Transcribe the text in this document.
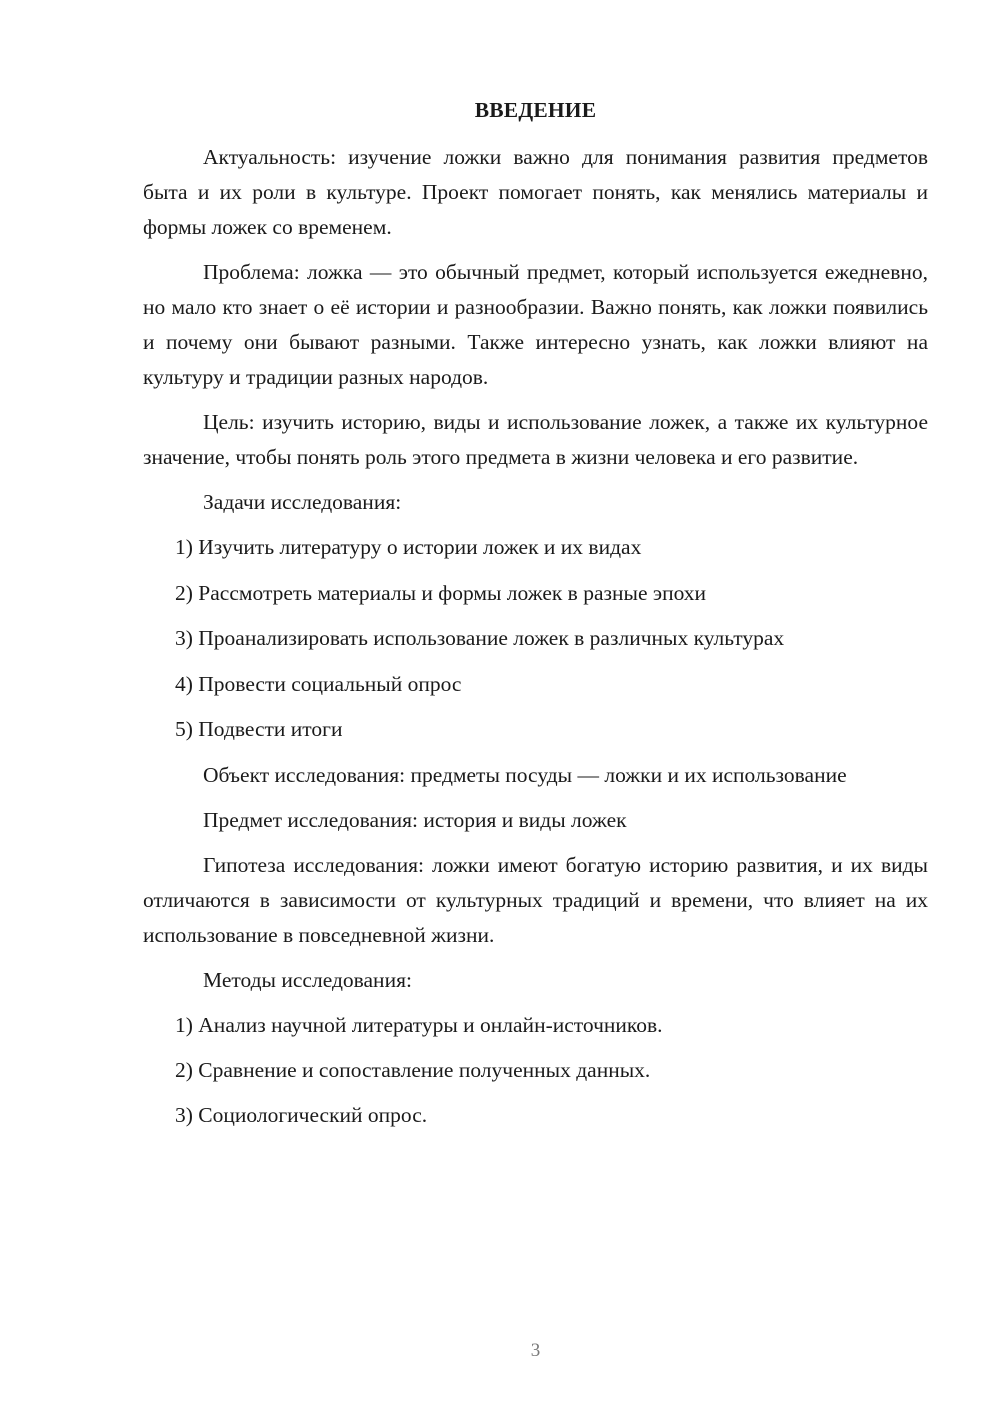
ВВЕДЕНИЕ

Актуальность: изучение ложки важно для понимания развития предметов быта и их роли в культуре. Проект помогает понять, как менялись материалы и формы ложек со временем.

Проблема: ложка — это обычный предмет, который используется ежедневно, но мало кто знает о её истории и разнообразии. Важно понять, как ложки появились и почему они бывают разными. Также интересно узнать, как ложки влияют на культуру и традиции разных народов.

Цель: изучить историю, виды и использование ложек, а также их культурное значение, чтобы понять роль этого предмета в жизни человека и его развитие.

Задачи исследования:

1) Изучить литературу о истории ложек и их видах
2) Рассмотреть материалы и формы ложек в разные эпохи
3) Проанализировать использование ложек в различных культурах
4) Провести социальный опрос
5) Подвести итоги

Объект исследования: предметы посуды — ложки и их использование

Предмет исследования: история и виды ложек

Гипотеза исследования: ложки имеют богатую историю развития, и их виды отличаются в зависимости от культурных традиций и времени, что влияет на их использование в повседневной жизни.

Методы исследования:

1) Анализ научной литературы и онлайн-источников.
2) Сравнение и сопоставление полученных данных.
3) Социологический опрос.
3
